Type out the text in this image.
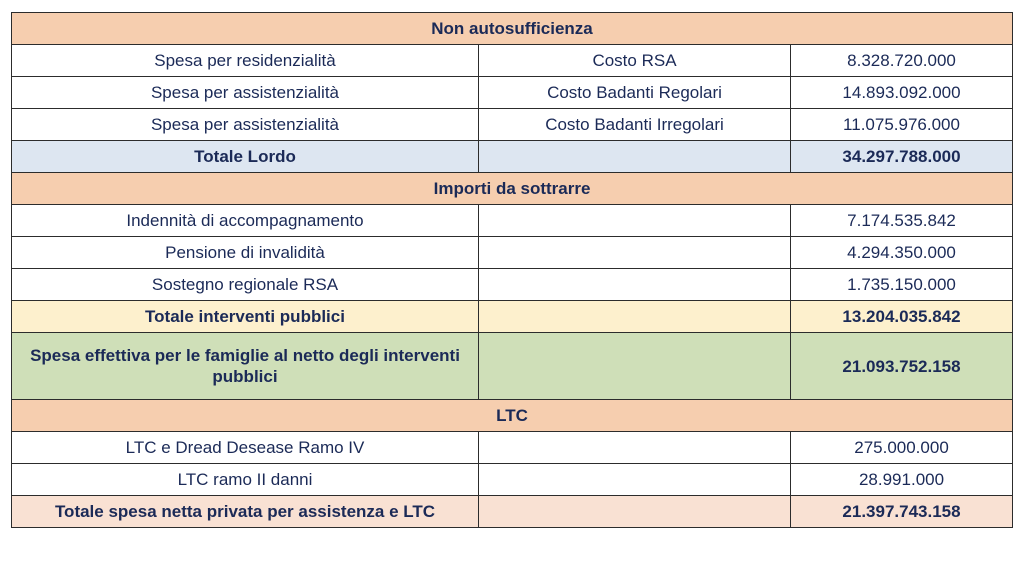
Non autosufficienza		
Spesa per residenzialità	Costo RSA	8.328.720.000
Spesa per assistenzialità	Costo Badanti Regolari	14.893.092.000
Spesa per assistenzialità	Costo Badanti Irregolari	11.075.976.000
Totale Lordo		34.297.788.000
Importi da sottrarre		
Indennità di accompagnamento		7.174.535.842
Pensione di invalidità		4.294.350.000
Sostegno regionale RSA		1.735.150.000
Totale interventi pubblici		13.204.035.842
Spesa effettiva per le famiglie al netto degli interventi pubblici		21.093.752.158
LTC		
LTC e Dread Desease Ramo IV		275.000.000
LTC ramo II danni		28.991.000
Totale spesa netta privata per assistenza e LTC		21.397.743.158
